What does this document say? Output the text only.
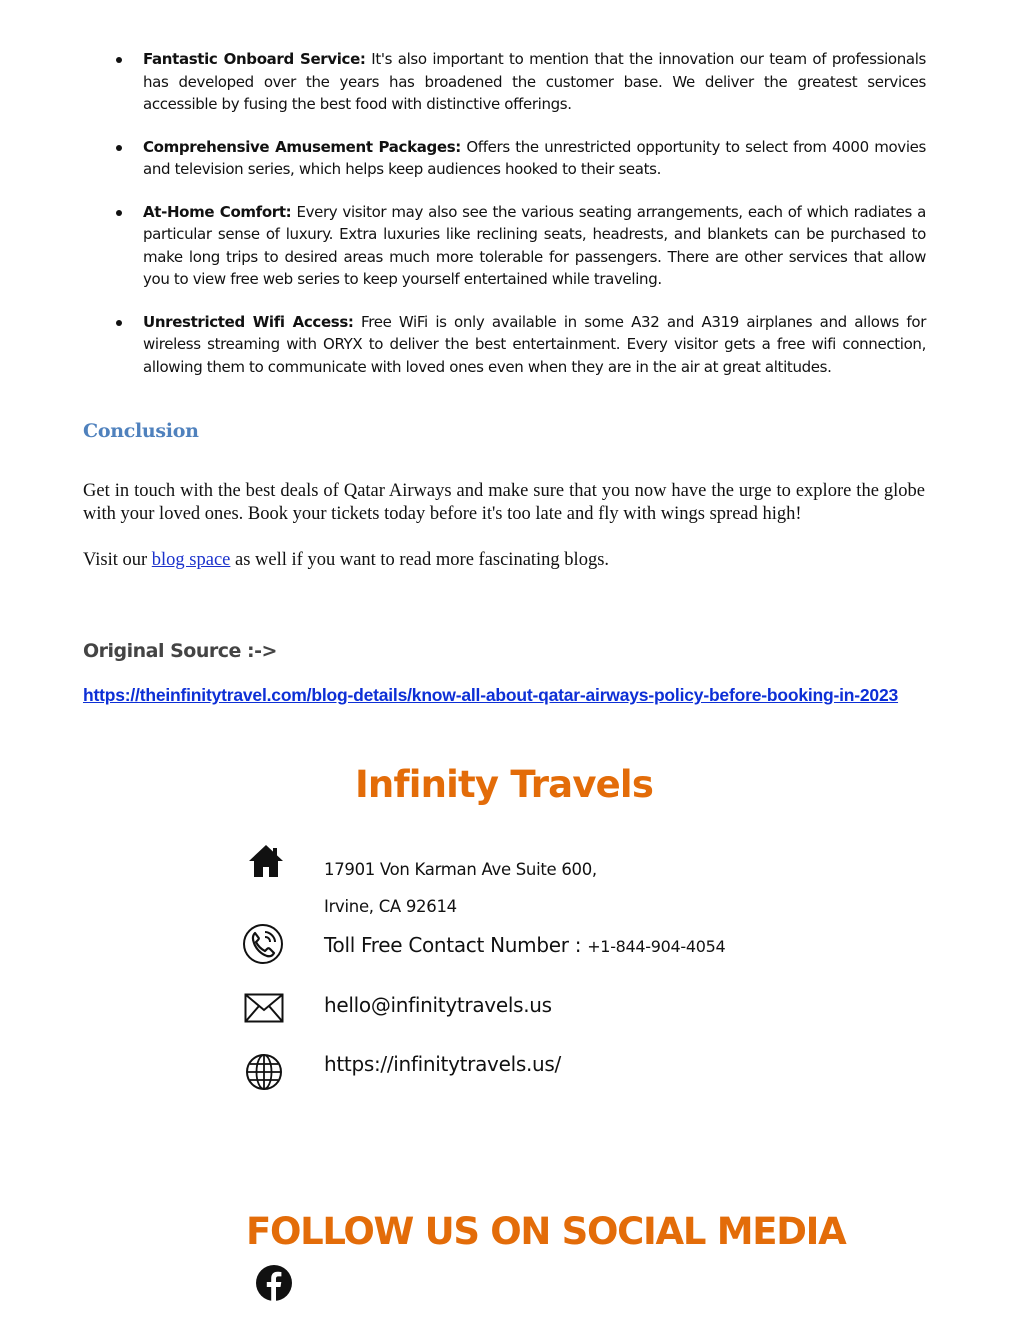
Fantastic Onboard Service: It's also important to mention that the innovation our team of professionals has developed over the years has broadened the customer base. We deliver the greatest services accessible by fusing the best food with distinctive offerings.

Comprehensive Amusement Packages: Offers the unrestricted opportunity to select from 4000 movies and television series, which helps keep audiences hooked to their seats.

At-Home Comfort: Every visitor may also see the various seating arrangements, each of which radiates a particular sense of luxury. Extra luxuries like reclining seats, headrests, and blankets can be purchased to make long trips to desired areas much more tolerable for passengers. There are other services that allow you to view free web series to keep yourself entertained while traveling.

Unrestricted Wifi Access: Free WiFi is only available in some A32 and A319 airplanes and allows for wireless streaming with ORYX to deliver the best entertainment. Every visitor gets a free wifi connection, allowing them to communicate with loved ones even when they are in the air at great altitudes.

Conclusion

Get in touch with the best deals of Qatar Airways and make sure that you now have the urge to explore the globe with your loved ones. Book your tickets today before it's too late and fly with wings spread high!

Visit our blog space as well if you want to read more fascinating blogs.

Original Source :->

https://theinfinitytravel.com/blog-details/know-all-about-qatar-airways-policy-before-booking-in-2023
Infinity Travels

17901 Von Karman Ave Suite 600,

Irvine, CA 92614

Toll Free Contact Number : +1-844-904-4054

hello@infinitytravels.us

https://infinitytravels.us/

FOLLOW US ON SOCIAL MEDIA
